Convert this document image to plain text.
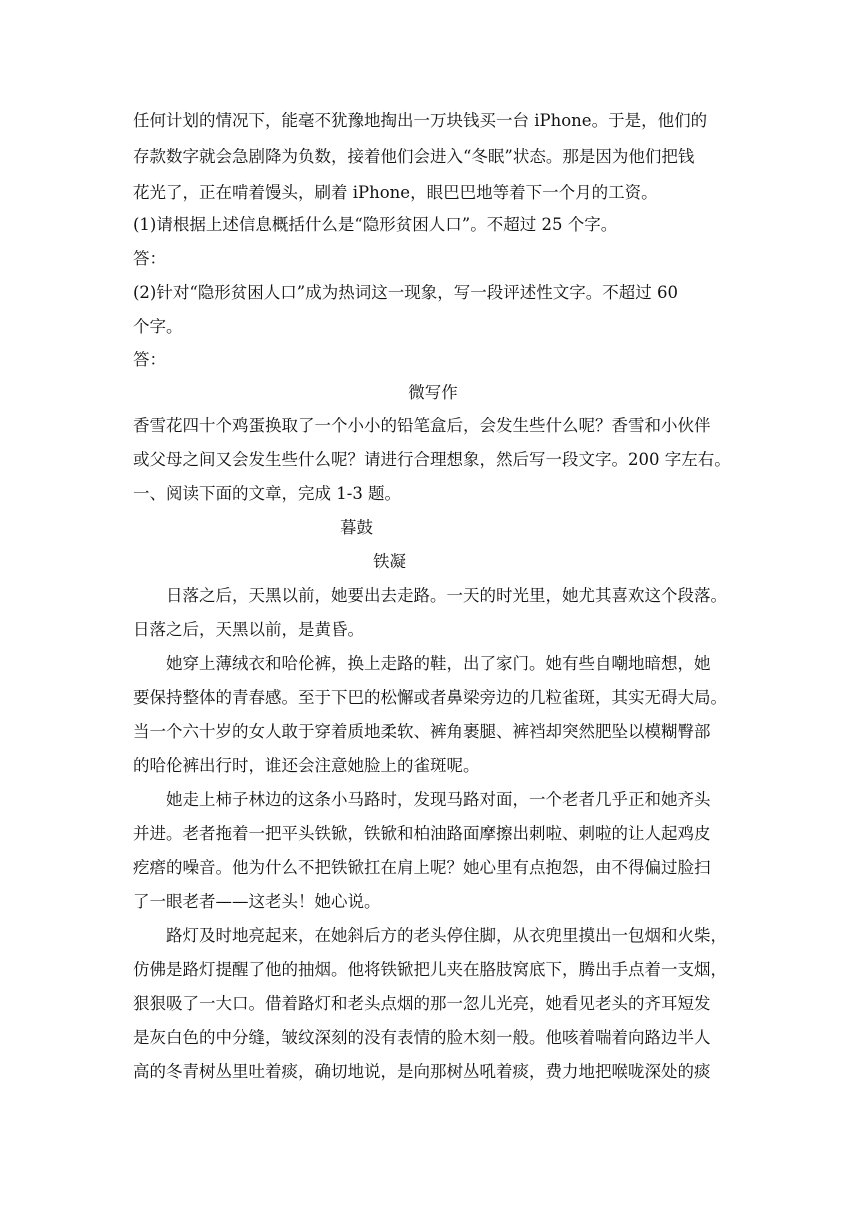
任何计划的情况下，能毫不犹豫地掏出一万块钱买一台 iPhone。于是，他们的
存款数字就会急剧降为负数，接着他们会进入“冬眠”状态。那是因为他们把钱
花光了，正在啃着馒头，刷着 iPhone，眼巴巴地等着下一个月的工资。
(1)请根据上述信息概括什么是“隐形贫困人口”。不超过 25 个字。
答：
(2)针对“隐形贫困人口”成为热词这一现象，写一段评述性文字。不超过 60
个字。
答：
微写作
香雪花四十个鸡蛋换取了一个小小的铅笔盒后，会发生些什么呢？香雪和小伙伴
或父母之间又会发生些什么呢？请进行合理想象，然后写一段文字。200 字左右。
一、阅读下面的文章，完成 1-3 题。
暮鼓
铁凝
日落之后，天黑以前，她要出去走路。一天的时光里，她尤其喜欢这个段落。
日落之后，天黑以前，是黄昏。
她穿上薄绒衣和哈伦裤，换上走路的鞋，出了家门。她有些自嘲地暗想，她
要保持整体的青春感。至于下巴的松懈或者鼻梁旁边的几粒雀斑，其实无碍大局。
当一个六十岁的女人敢于穿着质地柔软、裤角裹腿、裤裆却突然肥坠以模糊臀部
的哈伦裤出行时，谁还会注意她脸上的雀斑呢。
她走上柿子林边的这条小马路时，发现马路对面，一个老者几乎正和她齐头
并进。老者拖着一把平头铁锨，铁锨和柏油路面摩擦出刺啦、刺啦的让人起鸡皮
疙瘩的噪音。他为什么不把铁锨扛在肩上呢？她心里有点抱怨，由不得偏过脸扫
了一眼老者——这老头！她心说。
路灯及时地亮起来，在她斜后方的老头停住脚，从衣兜里摸出一包烟和火柴，
仿佛是路灯提醒了他的抽烟。他将铁锨把儿夹在胳肢窝底下，腾出手点着一支烟，
狠狠吸了一大口。借着路灯和老头点烟的那一忽儿光亮，她看见老头的齐耳短发
是灰白色的中分缝，皱纹深刻的没有表情的脸木刻一般。他咳着喘着向路边半人
高的冬青树丛里吐着痰，确切地说，是向那树丛吼着痰，费力地把喉咙深处的痰
